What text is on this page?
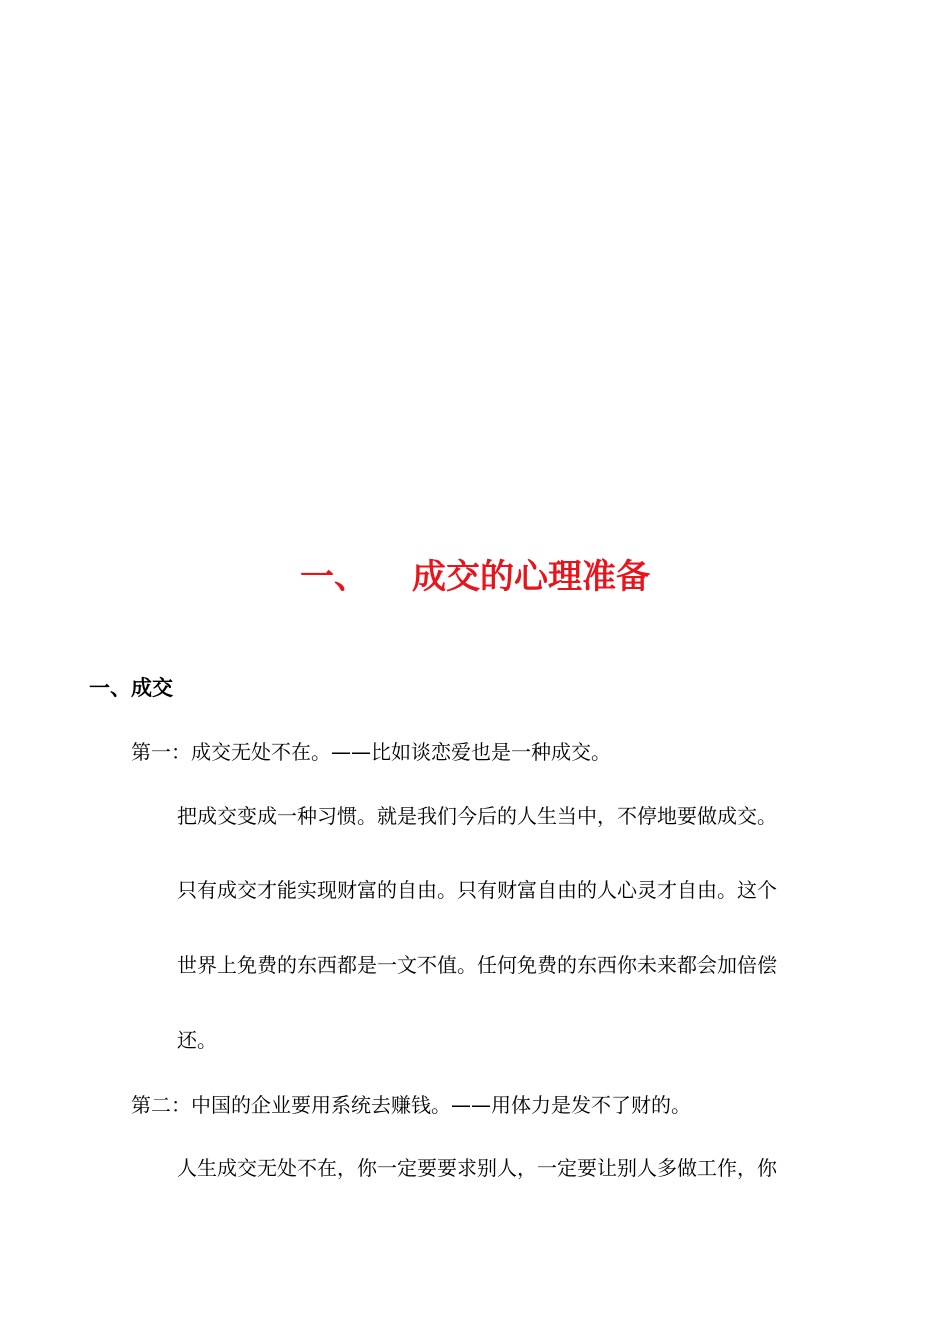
一、 成交的心理准备
一、成交
第一：成交无处不在。——比如谈恋爱也是一种成交。
把成交变成一种习惯。就是我们今后的人生当中，不停地要做成交。
只有成交才能实现财富的自由。只有财富自由的人心灵才自由。这个
世界上免费的东西都是一文不值。任何免费的东西你未来都会加倍偿
还。
第二：中国的企业要用系统去赚钱。——用体力是发不了财的。
人生成交无处不在，你一定要要求别人，一定要让别人多做工作，你
